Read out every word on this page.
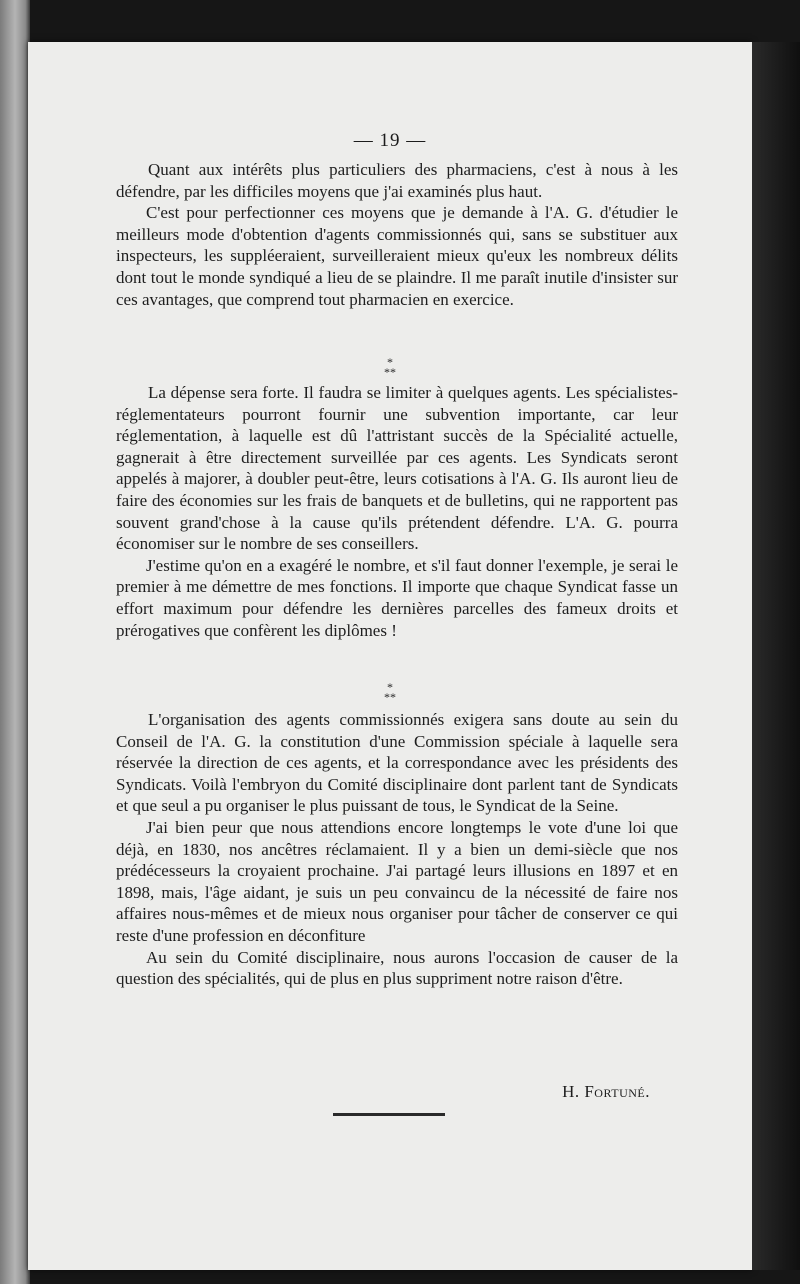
— 19 —

Quant aux intérêts plus particuliers des pharmaciens, c'est à nous à les défendre, par les difficiles moyens que j'ai examinés plus haut.

C'est pour perfectionner ces moyens que je demande à l'A. G. d'étudier le meilleurs mode d'obtention d'agents commissionnés qui, sans se substituer aux inspecteurs, les suppléeraient, surveilleraient mieux qu'eux les nombreux délits dont tout le monde syndiqué a lieu de se plaindre. Il me paraît inutile d'insister sur ces avantages, que comprend tout pharmacien en exercice.

*
**

La dépense sera forte. Il faudra se limiter à quelques agents. Les spécialistes-réglementateurs pourront fournir une subvention importante, car leur réglementation, à laquelle est dû l'attristant succès de la Spécialité actuelle, gagnerait à être directement surveillée par ces agents. Les Syndicats seront appelés à majorer, à doubler peut-être, leurs cotisations à l'A. G. Ils auront lieu de faire des économies sur les frais de banquets et de bulletins, qui ne rapportent pas souvent grand'chose à la cause qu'ils prétendent défendre. L'A. G. pourra économiser sur le nombre de ses conseillers.

J'estime qu'on en a exagéré le nombre, et s'il faut donner l'exemple, je serai le premier à me démettre de mes fonctions. Il importe que chaque Syndicat fasse un effort maximum pour défendre les dernières parcelles des fameux droits et prérogatives que confèrent les diplômes !

*
**

L'organisation des agents commissionnés exigera sans doute au sein du Conseil de l'A. G. la constitution d'une Commission spéciale à laquelle sera réservée la direction de ces agents, et la correspondance avec les présidents des Syndicats. Voilà l'embryon du Comité disciplinaire dont parlent tant de Syndicats et que seul a pu organiser le plus puissant de tous, le Syndicat de la Seine.

J'ai bien peur que nous attendions encore longtemps le vote d'une loi que déjà, en 1830, nos ancêtres réclamaient. Il y a bien un demi-siècle que nos prédécesseurs la croyaient prochaine. J'ai partagé leurs illusions en 1897 et en 1898, mais, l'âge aidant, je suis un peu convaincu de la nécessité de faire nos affaires nous-mêmes et de mieux nous organiser pour tâcher de conserver ce qui reste d'une profession en déconfiture

Au sein du Comité disciplinaire, nous aurons l'occasion de causer de la question des spécialités, qui de plus en plus suppriment notre raison d'être.

H. Fortuné.
